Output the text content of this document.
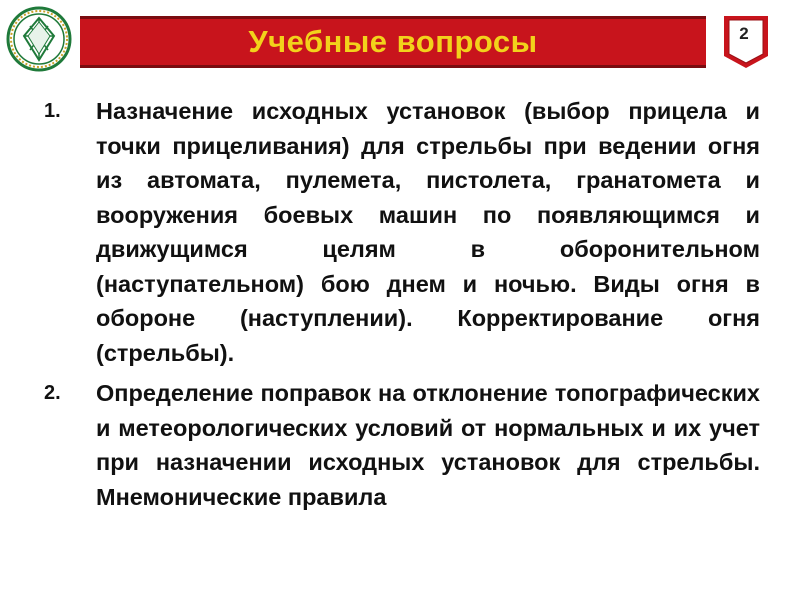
Учебные вопросы	2
1. Назначение исходных установок (выбор прицела и точки прицеливания) для стрельбы при ведении огня из автомата, пулемета, пистолета, гранатомета и вооружения боевых машин по появляющимся и движущимся целям в оборонительном (наступательном) бою днем и ночью. Виды огня в обороне (наступлении). Корректирование огня (стрельбы).
2. Определение поправок на отклонение топографических и метеорологических условий от нормальных и их учет при назначении исходных установок для стрельбы. Мнемонические правила
